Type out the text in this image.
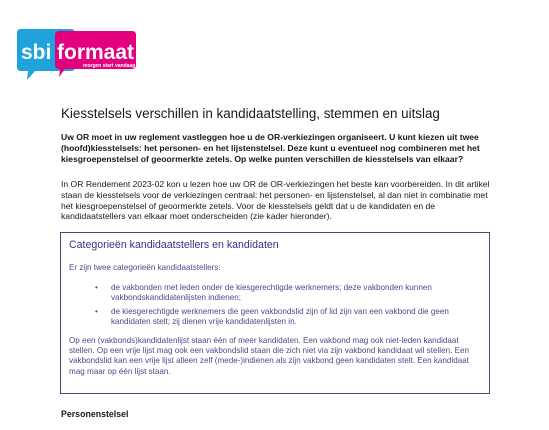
sbi formaat
morgen start vandaag
Kiesstelsels verschillen in kandidaatstelling, stemmen en uitslag

Uw OR moet in uw reglement vastleggen hoe u de OR-verkiezingen organiseert. U kunt kiezen uit twee (hoofd)kiesstelsels: het personen- en het lijstenstelsel. Deze kunt u eventueel nog combineren met het kiesgroepenstelsel of geoormerkte zetels. Op welke punten verschillen de kiesstelsels van elkaar?

In OR Rendement 2023-02 kon u lezen hoe uw OR de OR-verkiezingen het beste kan voorbereiden. In dit artikel staan de kiesstelsels voor de verkiezingen centraal: het personen- en lijstenstelsel, al dan niet in combinatie met het kiesgroepenstelsel of geoormerkte zetels. Voor de kiesstelsels geldt dat u de kandidaten en de kandidaatstellers van elkaar moet onderscheiden (zie kader hieronder).

Categorieën kandidaatstellers en kandidaten

Er zijn twee categorieën kandidaatstellers:

• de vakbonden met leden onder de kiesgerechtigde werknemers; deze vakbonden kunnen vakbondskandidatenlijsten indienen;
• de kiesgerechtigde werknemers die geen vakbondslid zijn of lid zijn van een vakbond die geen kandidaten stelt; zij dienen vrije kandidatenlijsten in.

Op een (vakbonds)kandidatenlijst staan één of meer kandidaten. Een vakbond mag ook niet-leden kandidaat stellen. Op een vrije lijst mag ook een vakbondslid staan die zich niet via zijn vakbond kandidaat wil stellen. Een vakbondslid kan een vrije lijst alleen zelf (mede-)indienen als zijn vakbond geen kandidaten stelt. Een kandidaat mag maar op één lijst staan.

Personenstelsel
